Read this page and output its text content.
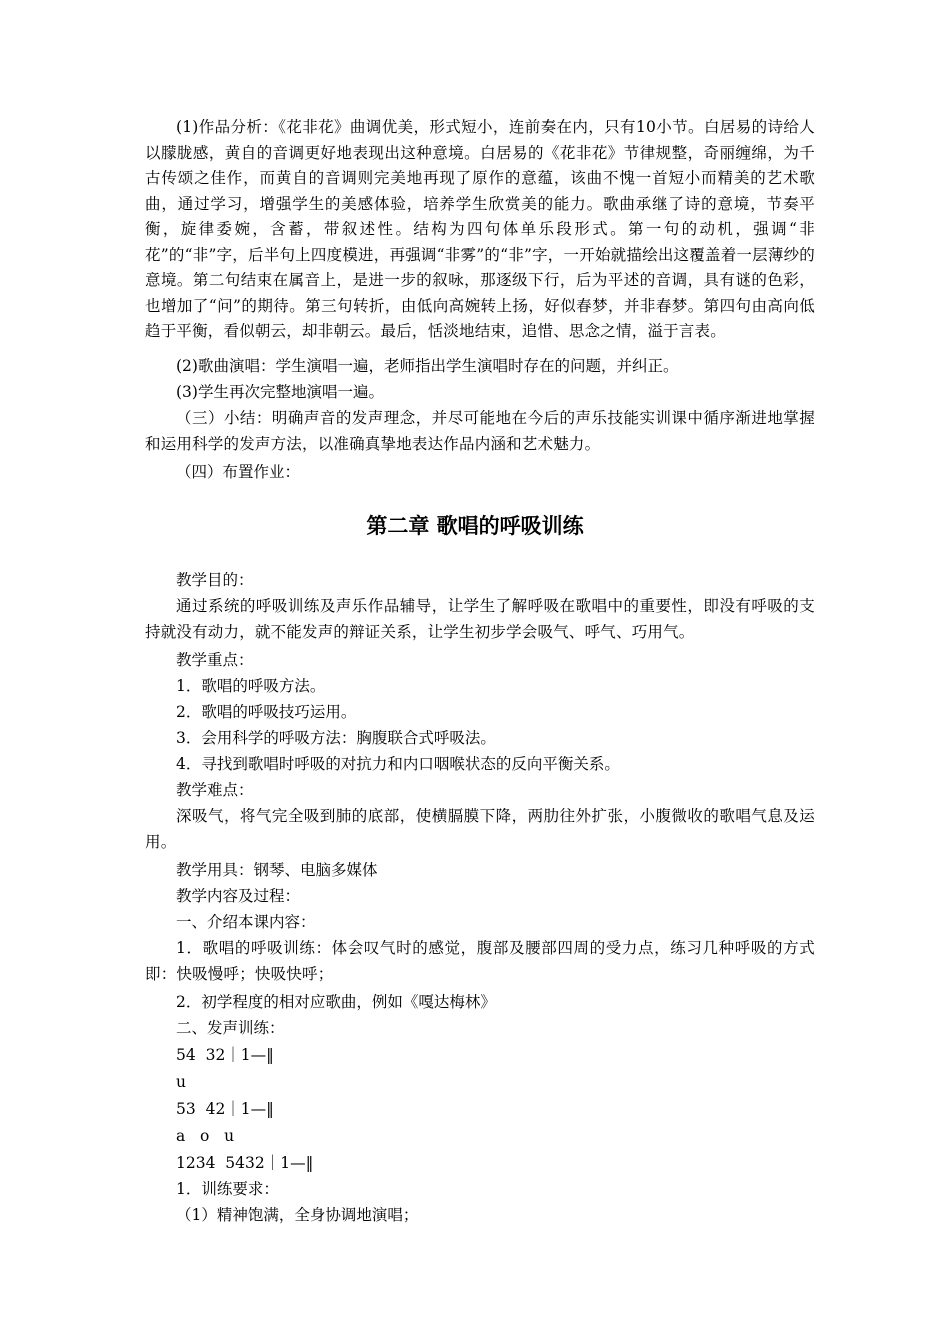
(1)作品分析：《花非花》曲调优美，形式短小，连前奏在内，只有10小节。白居易的诗给人以朦胧感，黄自的音调更好地表现出这种意境。白居易的《花非花》节律规整，奇丽缠绵，为千古传颂之佳作，而黄自的音调则完美地再现了原作的意蕴，该曲不愧一首短小而精美的艺术歌曲，通过学习，增强学生的美感体验，培养学生欣赏美的能力。歌曲承继了诗的意境，节奏平衡，旋律委婉，含蓄，带叙述性。结构为四句体单乐段形式。第一句的动机，强调“非花”的“非”字，后半句上四度模进，再强调“非雾”的“非”字，一开始就描绘出这覆盖着一层薄纱的意境。第二句结束在属音上，是进一步的叙咏，那逐级下行，后为平述的音调，具有谜的色彩，也增加了“问”的期待。第三句转折，由低向高婉转上扬，好似春梦，并非春梦。第四句由高向低趋于平衡，看似朝云，却非朝云。最后，恬淡地结束，追惜、思念之情，溢于言表。

(2)歌曲演唱：学生演唱一遍，老师指出学生演唱时存在的问题，并纠正。

(3)学生再次完整地演唱一遍。

（三）小结：明确声音的发声理念，并尽可能地在今后的声乐技能实训课中循序渐进地掌握和运用科学的发声方法，以准确真挚地表达作品内涵和艺术魅力。

（四）布置作业：

第二章 歌唱的呼吸训练

教学目的：

通过系统的呼吸训练及声乐作品辅导，让学生了解呼吸在歌唱中的重要性，即没有呼吸的支持就没有动力，就不能发声的辩证关系，让学生初步学会吸气、呼气、巧用气。

教学重点：

1．歌唱的呼吸方法。

2．歌唱的呼吸技巧运用。

3．会用科学的呼吸方法：胸腹联合式呼吸法。

4．寻找到歌唱时呼吸的对抗力和内口咽喉状态的反向平衡关系。

教学难点：

深吸气，将气完全吸到肺的底部，使横膈膜下降，两肋往外扩张，小腹微收的歌唱气息及运用。

教学用具：钢琴、电脑多媒体

教学内容及过程：

一、介绍本课内容：

1．歌唱的呼吸训练：体会叹气时的感觉，腹部及腰部四周的受力点，练习几种呼吸的方式即：快吸慢呼；快吸快呼；

2．初学程度的相对应歌曲，例如《嘎达梅林》

二、发声训练：

54  32｜1—‖

u

53  42｜1—‖

a   o   u

1234  5432｜1—‖

1．训练要求：

（1）精神饱满，全身协调地演唱；
